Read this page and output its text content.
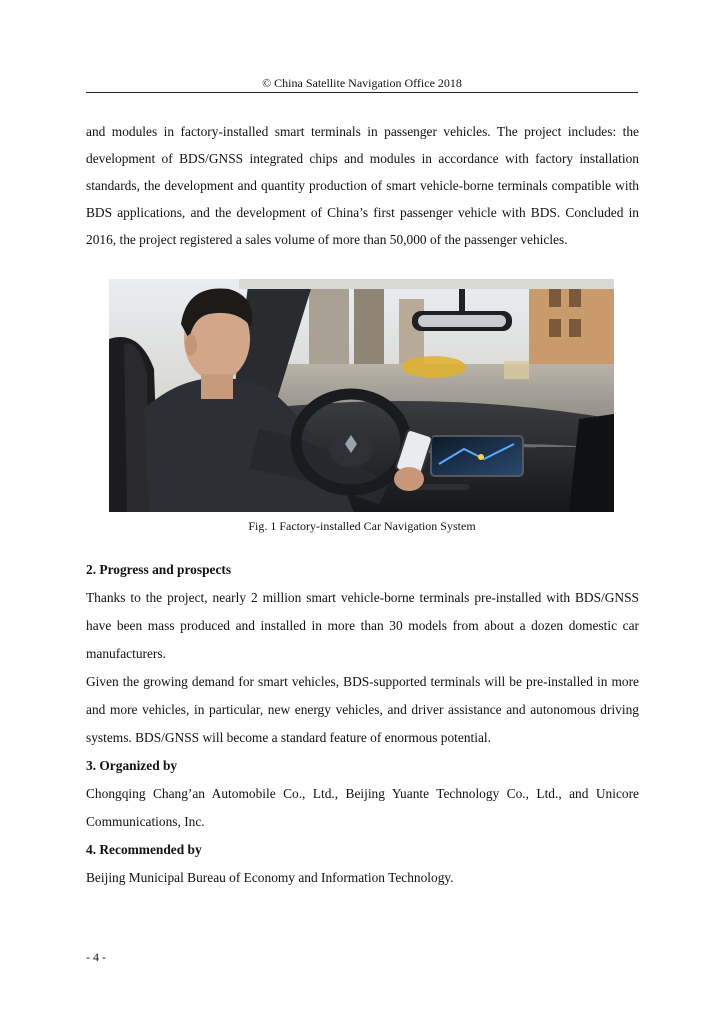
© China Satellite Navigation Office 2018

and modules in factory-installed smart terminals in passenger vehicles. The project includes: the development of BDS/GNSS integrated chips and modules in accordance with factory installation standards, the development and quantity production of smart vehicle-borne terminals compatible with BDS applications, and the development of China’s first passenger vehicle with BDS. Concluded in 2016, the project registered a sales volume of more than 50,000 of the passenger vehicles.

Fig. 1 Factory-installed Car Navigation System

2. Progress and prospects

Thanks to the project, nearly 2 million smart vehicle-borne terminals pre-installed with BDS/GNSS have been mass produced and installed in more than 30 models from about a dozen domestic car manufacturers.

Given the growing demand for smart vehicles, BDS-supported terminals will be pre-installed in more and more vehicles, in particular, new energy vehicles, and driver assistance and autonomous driving systems. BDS/GNSS will become a standard feature of enormous potential.

3. Organized by

Chongqing Chang’an Automobile Co., Ltd., Beijing Yuante Technology Co., Ltd., and Unicore Communications, Inc.

4. Recommended by

Beijing Municipal Bureau of Economy and Information Technology.

- 4 -
